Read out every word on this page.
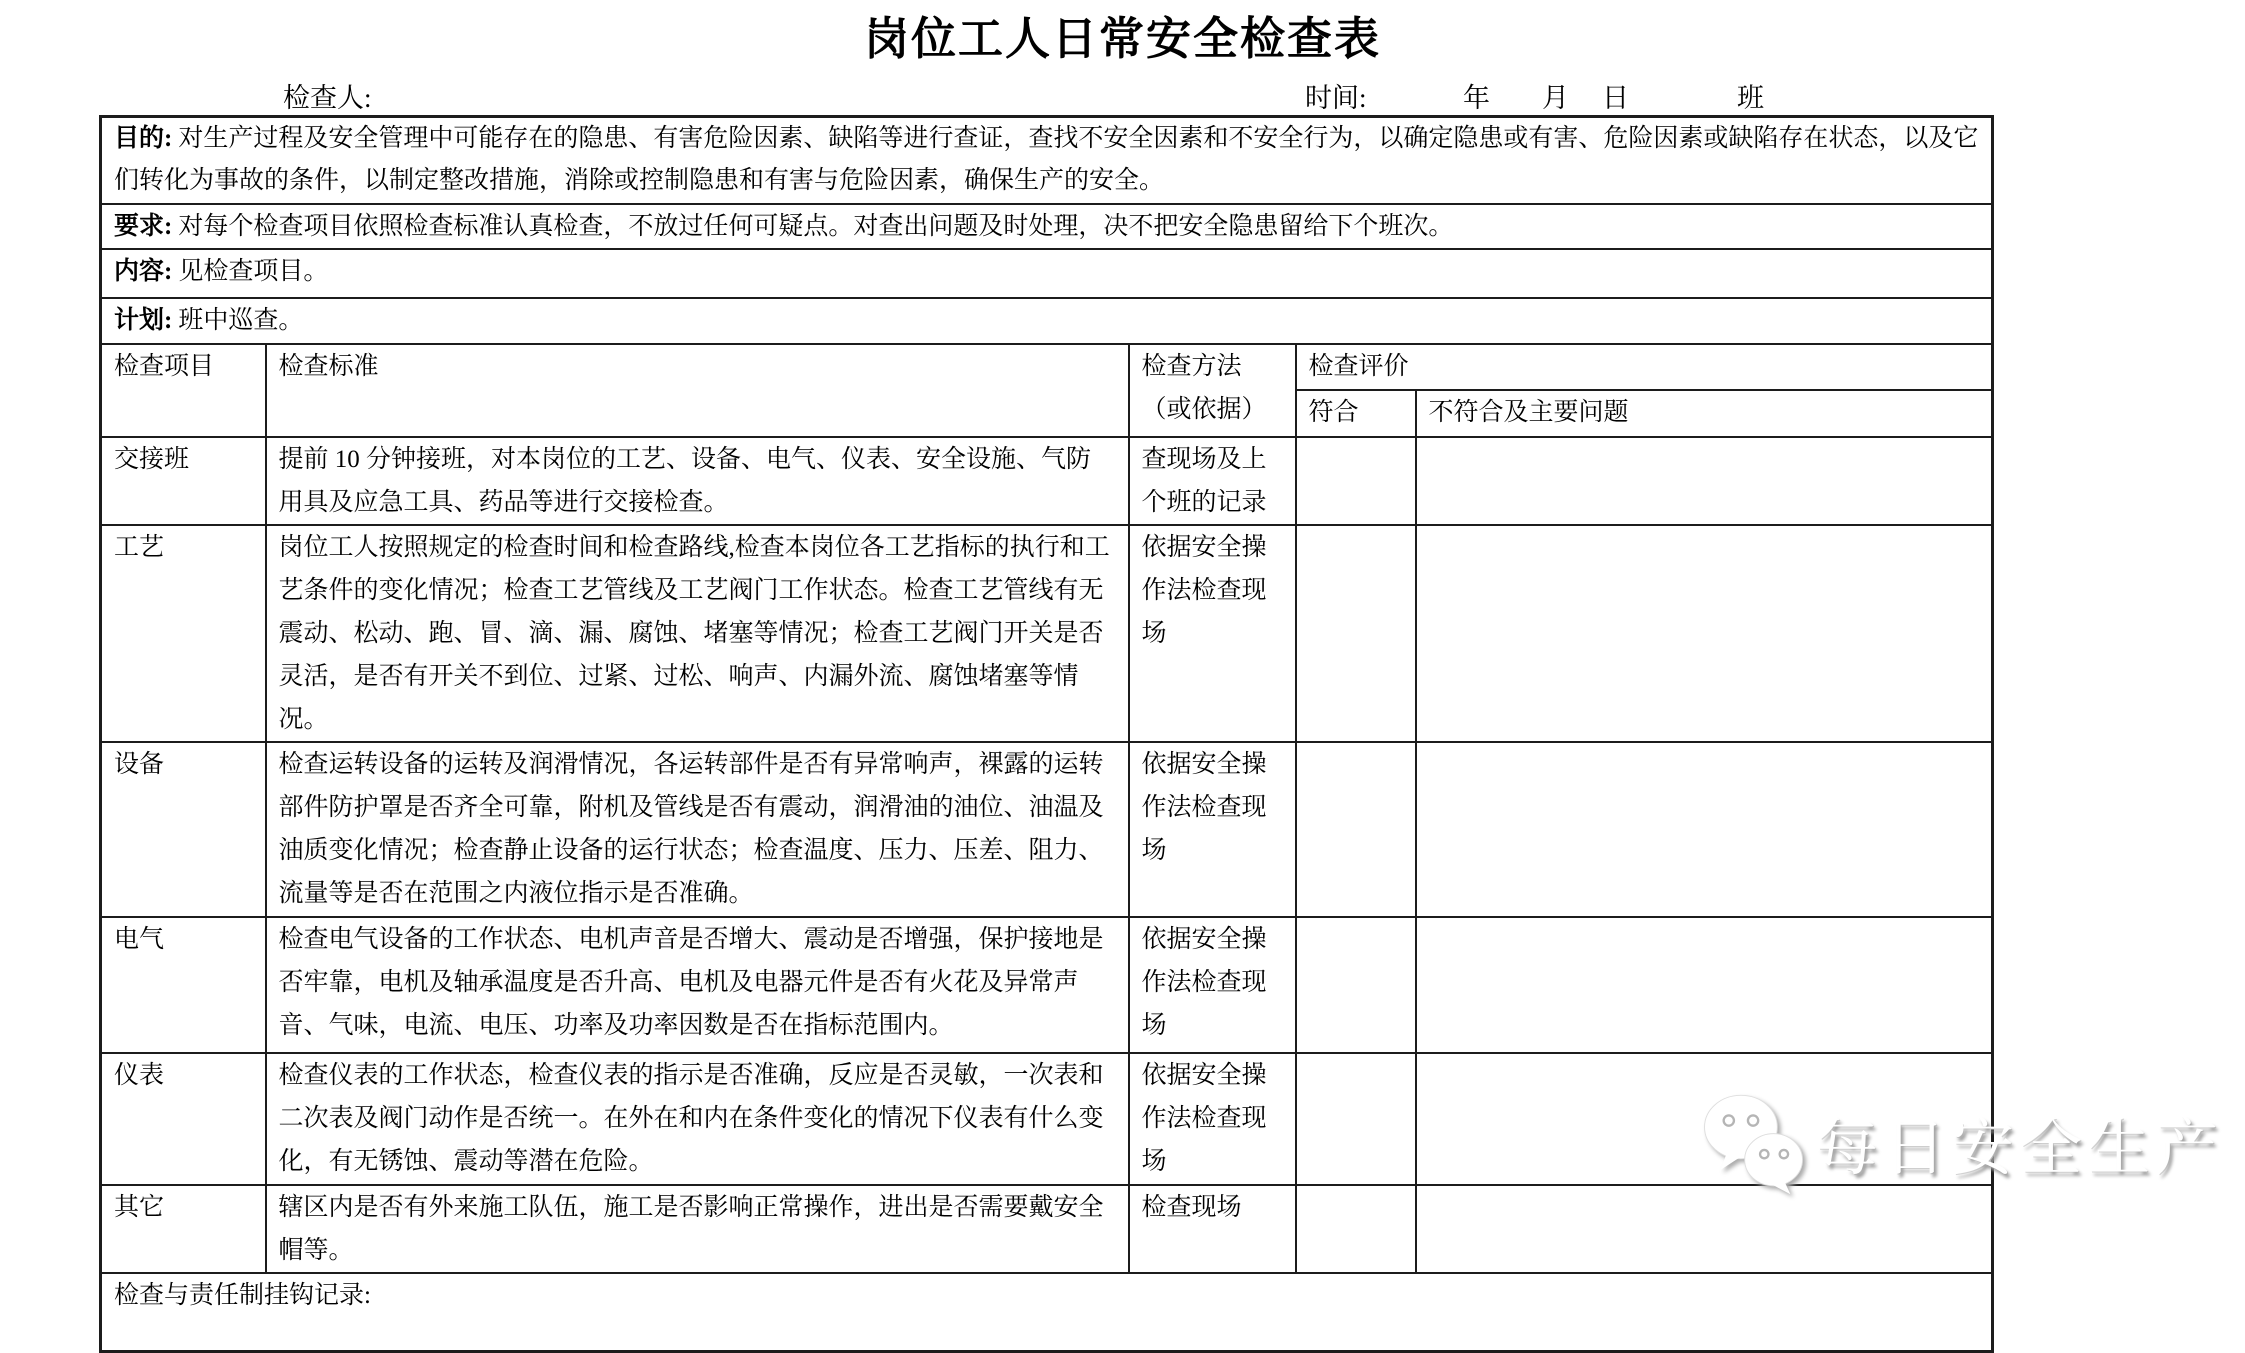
岗位工人日常安全检查表
检查人:	时间:	年 月 日	班
目的: 对生产过程及安全管理中可能存在的隐患、有害危险因素、缺陷等进行查证，查找不安全因素和不安全行为，以确定隐患或有害、危险因素或缺陷存在状态，以及它们转化为事故的条件，以制定整改措施，消除或控制隐患和有害与危险因素，确保生产的安全。				
要求: 对每个检查项目依照检查标准认真检查，不放过任何可疑点。对查出问题及时处理，决不把安全隐患留给下个班次。				
内容: 见检查项目。				
计划: 班中巡查。				
检查项目	检查标准	检查方法（或依据）	检查评价	
			符合	不符合及主要问题
交接班	提前 10 分钟接班，对本岗位的工艺、设备、电气、仪表、安全设施、气防用具及应急工具、药品等进行交接检查。	查现场及上个班的记录		
工艺	岗位工人按照规定的检查时间和检查路线,检查本岗位各工艺指标的执行和工艺条件的变化情况；检查工艺管线及工艺阀门工作状态。检查工艺管线有无震动、松动、跑、冒、滴、漏、腐蚀、堵塞等情况；检查工艺阀门开关是否灵活，是否有开关不到位、过紧、过松、响声、内漏外流、腐蚀堵塞等情况。	依据安全操作法检查现场		
设备	检查运转设备的运转及润滑情况，各运转部件是否有异常响声，裸露的运转部件防护罩是否齐全可靠，附机及管线是否有震动，润滑油的油位、油温及油质变化情况；检查静止设备的运行状态；检查温度、压力、压差、阻力、流量等是否在范围之内液位指示是否准确。	依据安全操作法检查现场		
电气	检查电气设备的工作状态、电机声音是否增大、震动是否增强，保护接地是否牢靠，电机及轴承温度是否升高、电机及电器元件是否有火花及异常声音、气味，电流、电压、功率及功率因数是否在指标范围内。	依据安全操作法检查现场		
仪表	检查仪表的工作状态，检查仪表的指示是否准确，反应是否灵敏，一次表和二次表及阀门动作是否统一。在外在和内在条件变化的情况下仪表有什么变化，有无锈蚀、震动等潜在危险。	依据安全操作法检查现场		
其它	辖区内是否有外来施工队伍，施工是否影响正常操作，进出是否需要戴安全帽等。	检查现场		
检查与责任制挂钩记录:				
每日安全生产
